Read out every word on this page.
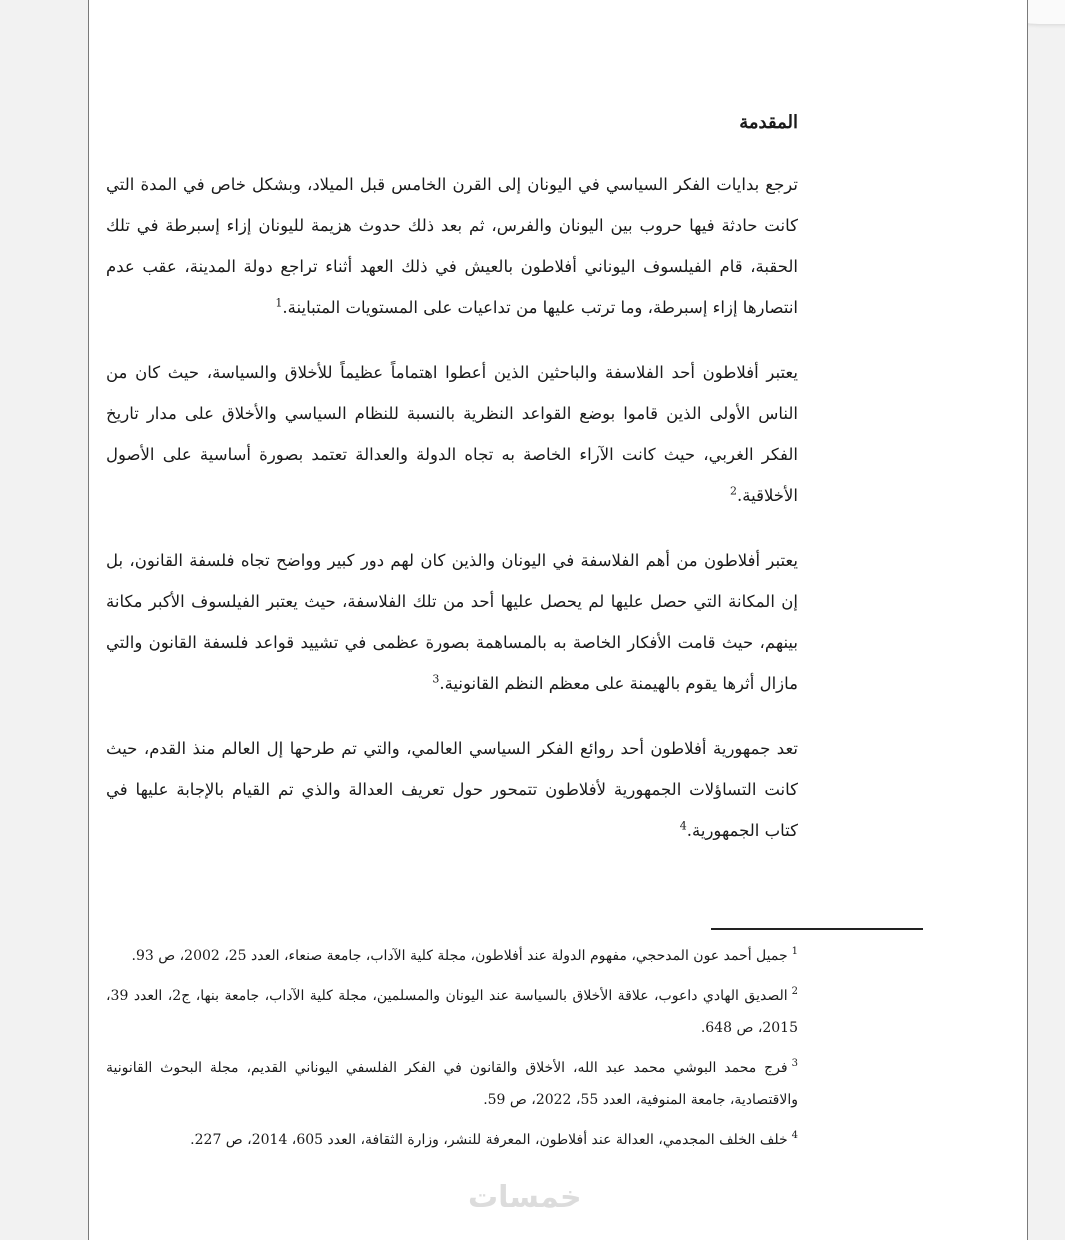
المقدمة

ترجع بدايات الفكر السياسي في اليونان إلى القرن الخامس قبل الميلاد، وبشكل خاص في المدة التي كانت حادثة فيها حروب بين اليونان والفرس، ثم بعد ذلك حدوث هزيمة لليونان إزاء إسبرطة في تلك الحقبة، قام الفيلسوف اليوناني أفلاطون بالعيش في ذلك العهد أثناء تراجع دولة المدينة، عقب عدم انتصارها إزاء إسبرطة، وما ترتب عليها من تداعيات على المستويات المتباينة.$^1$

يعتبر أفلاطون أحد الفلاسفة والباحثين الذين أعطوا اهتماماً عظيماً للأخلاق والسياسة، حيث كان من الناس الأولى الذين قاموا بوضع القواعد النظرية بالنسبة للنظام السياسي والأخلاق على مدار تاريخ الفكر الغربي، حيث كانت الآراء الخاصة به تجاه الدولة والعدالة تعتمد بصورة أساسية على الأصول الأخلاقية.$^2$

يعتبر أفلاطون من أهم الفلاسفة في اليونان والذين كان لهم دور كبير وواضح تجاه فلسفة القانون، بل إن المكانة التي حصل عليها لم يحصل عليها أحد من تلك الفلاسفة، حيث يعتبر الفيلسوف الأكبر مكانة بينهم، حيث قامت الأفكار الخاصة به بالمساهمة بصورة عظمى في تشييد قواعد فلسفة القانون والتي مازال أثرها يقوم بالهيمنة على معظم النظم القانونية.$^3$

تعد جمهورية أفلاطون أحد روائع الفكر السياسي العالمي، والتي تم طرحها إل العالم منذ القدم، حيث كانت التساؤلات الجمهورية لأفلاطون تتمحور حول تعريف العدالة والذي تم القيام بالإجابة عليها في كتاب الجمهورية.$^4$

$^1$جميل أحمد عون المدحجي، مفهوم الدولة عند أفلاطون، مجلة كلية الآداب، جامعة صنعاء، العدد 25، 2002، ص 93.

$^2$الصديق الهادي داعوب، علاقة الأخلاق بالسياسة عند اليونان والمسلمين، مجلة كلية الآداب، جامعة بنها، ج2، العدد 39، 2015، ص 648.

$^3$فرج محمد البوشي محمد عبد الله، الأخلاق والقانون في الفكر الفلسفي اليوناني القديم، مجلة البحوث القانونية والاقتصادية، جامعة المنوفية، العدد 55، 2022، ص 59.

$^4$خلف الخلف المجدمي، العدالة عند أفلاطون، المعرفة للنشر، وزارة الثقافة، العدد 605، 2014، ص 227.

خمسات
